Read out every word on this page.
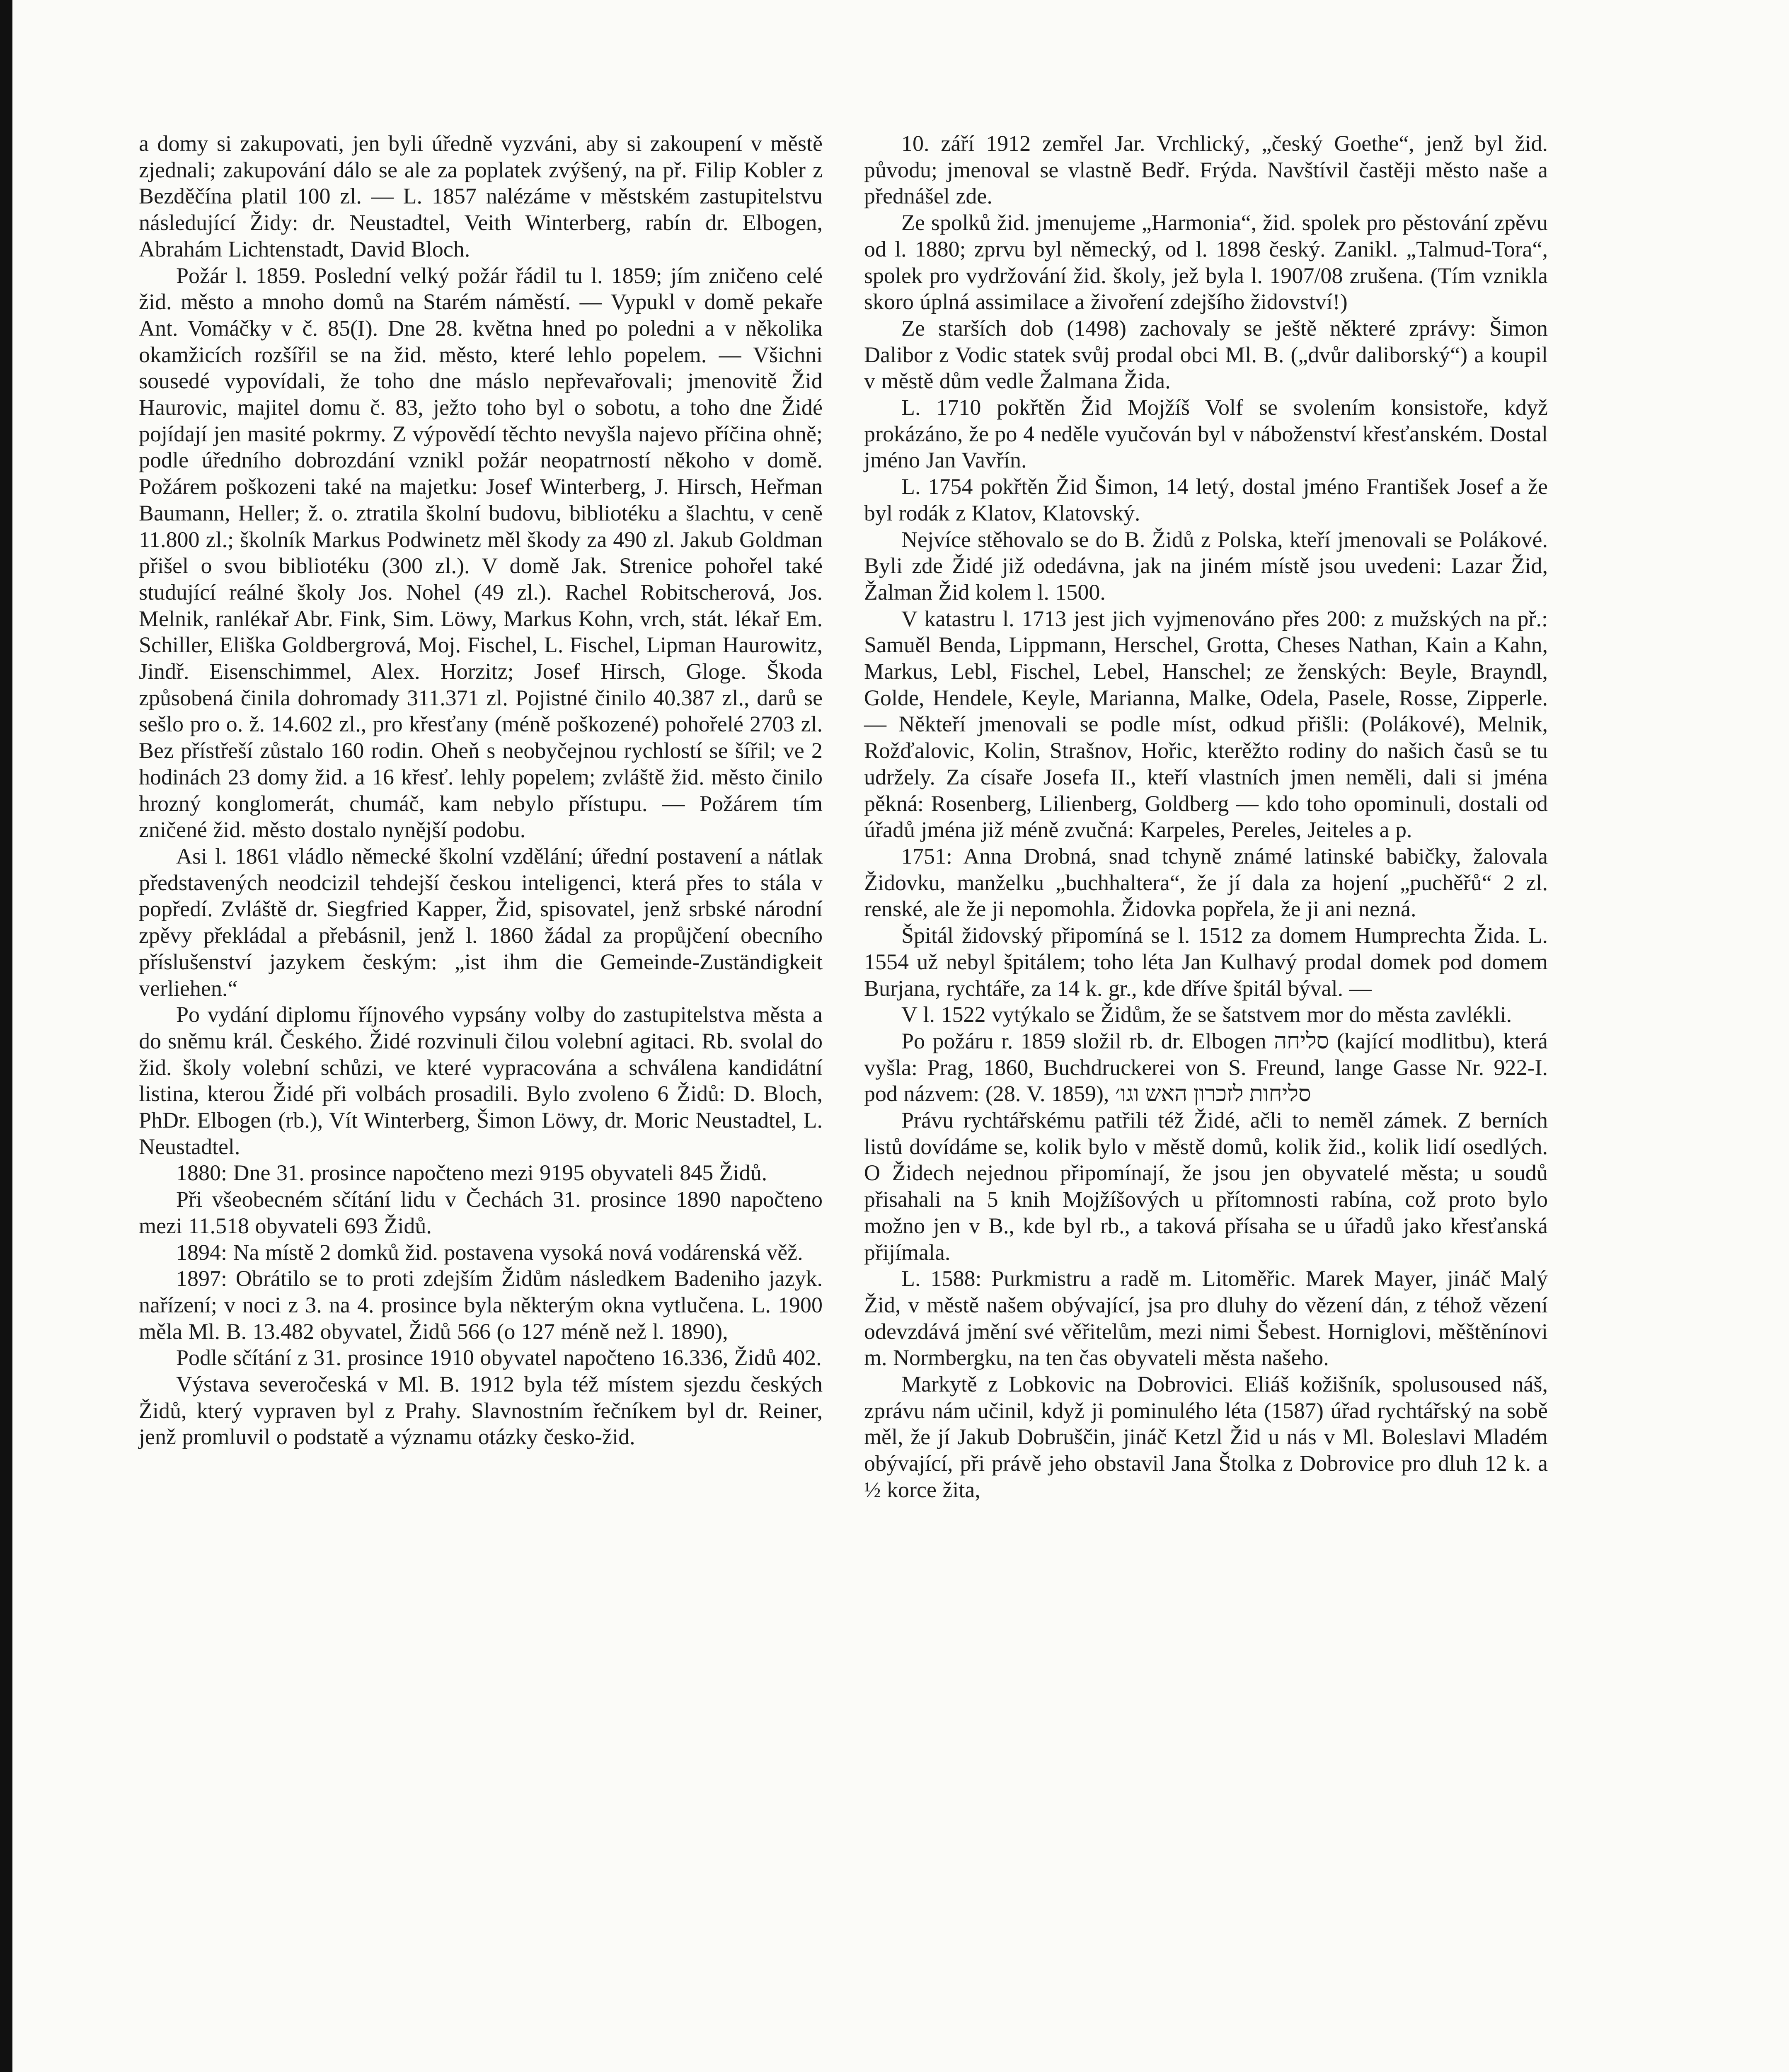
a domy si zakupovati, jen byli úředně vyzváni, aby si zakoupení v městě zjednali; zakupování dálo se ale za poplatek zvýšený, na př. Filip Kobler z Bezděčína platil 100 zl. — L. 1857 nalézáme v městském zastupitelstvu následující Židy: dr. Neustadtel, Veith Winterberg, rabín dr. Elbogen, Abrahám Lichtenstadt, David Bloch.

Požár l. 1859. Poslední velký požár řádil tu l. 1859; jím zničeno celé žid. město a mnoho domů na Starém náměstí. — Vypukl v domě pekaře Ant. Vomáčky v č. 85(I). Dne 28. května hned po poledni a v několika okamžicích rozšířil se na žid. město, které lehlo popelem. — Všichni sousedé vypovídali, že toho dne máslo nepřevařovali; jmenovitě Žid Haurovic, majitel domu č. 83, ježto toho byl o sobotu, a toho dne Židé pojídají jen masité pokrmy. Z výpovědí těchto nevyšla najevo příčina ohně; podle úředního dobrozdání vznikl požár neopatrností někoho v domě. Požárem poškozeni také na majetku: Josef Winterberg, J. Hirsch, Heřman Baumann, Heller; ž. o. ztratila školní budovu, bibliotéku a šlachtu, v ceně 11.800 zl.; školník Markus Podwinetz měl škody za 490 zl. Jakub Goldman přišel o svou bibliotéku (300 zl.). V domě Jak. Strenice pohořel také studující reálné školy Jos. Nohel (49 zl.). Rachel Robitscherová, Jos. Melnik, ranlékař Abr. Fink, Sim. Löwy, Markus Kohn, vrch, stát. lékař Em. Schiller, Eliška Goldbergrová, Moj. Fischel, L. Fischel, Lipman Haurowitz, Jindř. Eisenschimmel, Alex. Horzitz; Josef Hirsch, Gloge. Škoda způsobená činila dohromady 311.371 zl. Pojistné činilo 40.387 zl., darů se sešlo pro o. ž. 14.602 zl., pro křesťany (méně poškozené) pohořelé 2703 zl. Bez přístřeší zůstalo 160 rodin. Oheň s neobyčejnou rychlostí se šířil; ve 2 hodinách 23 domy žid. a 16 křesť. lehly popelem; zvláště žid. město činilo hrozný konglomerát, chumáč, kam nebylo přístupu. — Požárem tím zničené žid. město dostalo nynější podobu.

Asi l. 1861 vládlo německé školní vzdělání; úřední postavení a nátlak představených neodcizil tehdejší českou inteligenci, která přes to stála v popředí. Zvláště dr. Siegfried Kapper, Žid, spisovatel, jenž srbské národní zpěvy překládal a přebásnil, jenž l. 1860 žádal za propůjčení obecního příslušenství jazykem českým: „ist ihm die Gemeinde-Zuständigkeit verliehen.“

Po vydání diplomu říjnového vypsány volby do zastupitelstva města a do sněmu král. Českého. Židé rozvinuli čilou volební agitaci. Rb. svolal do žid. školy volební schůzi, ve které vypracována a schválena kandidátní listina, kterou Židé při volbách prosadili. Bylo zvoleno 6 Židů: D. Bloch, PhDr. Elbogen (rb.), Vít Winterberg, Šimon Löwy, dr. Moric Neustadtel, L. Neustadtel.

1880: Dne 31. prosince napočteno mezi 9195 obyvateli 845 Židů.

Při všeobecném sčítání lidu v Čechách 31. prosince 1890 napočteno mezi 11.518 obyvateli 693 Židů.

1894: Na místě 2 domků žid. postavena vysoká nová vodárenská věž.

1897: Obrátilo se to proti zdejším Židům následkem Badeniho jazyk. nařízení; v noci z 3. na 4. prosince byla některým okna vytlučena. L. 1900 měla Ml. B. 13.482 obyvatel, Židů 566 (o 127 méně než l. 1890),

Podle sčítání z 31. prosince 1910 obyvatel napočteno 16.336, Židů 402.

Výstava severočeská v Ml. B. 1912 byla též místem sjezdu českých Židů, který vypraven byl z Prahy. Slavnostním řečníkem byl dr. Reiner, jenž promluvil o podstatě a významu otázky česko-žid.

10. září 1912 zemřel Jar. Vrchlický, „český Goethe“, jenž byl žid. původu; jmenoval se vlastně Bedř. Frýda. Navštívil častěji město naše a přednášel zde.

Ze spolků žid. jmenujeme „Harmonia“, žid. spolek pro pěstování zpěvu od l. 1880; zprvu byl německý, od l. 1898 český. Zanikl. „Talmud-Tora“, spolek pro vydržování žid. školy, jež byla l. 1907/08 zrušena. (Tím vznikla skoro úplná assimilace a živoření zdejšího židovství!)

Ze starších dob (1498) zachovaly se ještě některé zprávy: Šimon Dalibor z Vodic statek svůj prodal obci Ml. B. („dvůr daliborský“) a koupil v městě dům vedle Žalmana Žida.

L. 1710 pokřtěn Žid Mojžíš Volf se svolením konsistoře, když prokázáno, že po 4 neděle vyučován byl v náboženství křesťanském. Dostal jméno Jan Vavřín.

L. 1754 pokřtěn Žid Šimon, 14 letý, dostal jméno František Josef a že byl rodák z Klatov, Klatovský.

Nejvíce stěhovalo se do B. Židů z Polska, kteří jmenovali se Polákové. Byli zde Židé již odedávna, jak na jiném místě jsou uvedeni: Lazar Žid, Žalman Žid kolem l. 1500.

V katastru l. 1713 jest jich vyjmenováno přes 200: z mužských na př.: Samuěl Benda, Lippmann, Herschel, Grotta, Cheses Nathan, Kain a Kahn, Markus, Lebl, Fischel, Lebel, Hanschel; ze ženských: Beyle, Brayndl, Golde, Hendele, Keyle, Marianna, Malke, Odela, Pasele, Rosse, Zipperle. — Někteří jmenovali se podle míst, odkud přišli: (Polákové), Melnik, Rožďalovic, Kolin, Strašnov, Hořic, kterěžto rodiny do našich časů se tu udržely. Za císaře Josefa II., kteří vlastních jmen neměli, dali si jména pěkná: Rosenberg, Lilienberg, Goldberg — kdo toho opominuli, dostali od úřadů jména již méně zvučná: Karpeles, Pereles, Jeiteles a p.

1751: Anna Drobná, snad tchyně známé latinské babičky, žalovala Židovku, manželku „buchhaltera“, že jí dala za hojení „puchěřů“ 2 zl. renské, ale že ji nepomohla. Židovka popřela, že ji ani nezná.

Špitál židovský připomíná se l. 1512 za domem Humprechta Žida. L. 1554 už nebyl špitálem; toho léta Jan Kulhavý prodal domek pod domem Burjana, rychtáře, za 14 k. gr., kde dříve špitál býval. —

V l. 1522 vytýkalo se Židům, že se šatstvem mor do města zavlékli.

Po požáru r. 1859 složil rb. dr. Elbogen סליחה (kající modlitbu), která vyšla: Prag, 1860, Buchdruckerei von S. Freund, lange Gasse Nr. 922-I. pod názvem: (28. V. 1859), סליחות לזכרון האש וגו׳

Právu rychtářskému patřili též Židé, ačli to neměl zámek. Z berních listů dovídáme se, kolik bylo v městě domů, kolik žid., kolik lidí osedlých. O Židech nejednou připomínají, že jsou jen obyvatelé města; u soudů přisahali na 5 knih Mojžíšových u přítomnosti rabína, což proto bylo možno jen v B., kde byl rb., a taková přísaha se u úřadů jako křesťanská přijímala.

L. 1588: Purkmistru a radě m. Litoměřic. Marek Mayer, jináč Malý Žid, v městě našem obývající, jsa pro dluhy do vězení dán, z téhož vězení odevzdává jmění své věřitelům, mezi nimi Šebest. Horniglovi, měštěnínovi m. Normbergku, na ten čas obyvateli města našeho.

Markytě z Lobkovic na Dobrovici. Eliáš kožišník, spolusoused náš, zprávu nám učinil, když ji pominulého léta (1587) úřad rychtářský na sobě měl, že jí Jakub Dobruščin, jináč Ketzl Žid u nás v Ml. Boleslavi Mladém obývající, při právě jeho obstavil Jana Štolka z Dobrovice pro dluh 12 k. a ½ korce žita,
